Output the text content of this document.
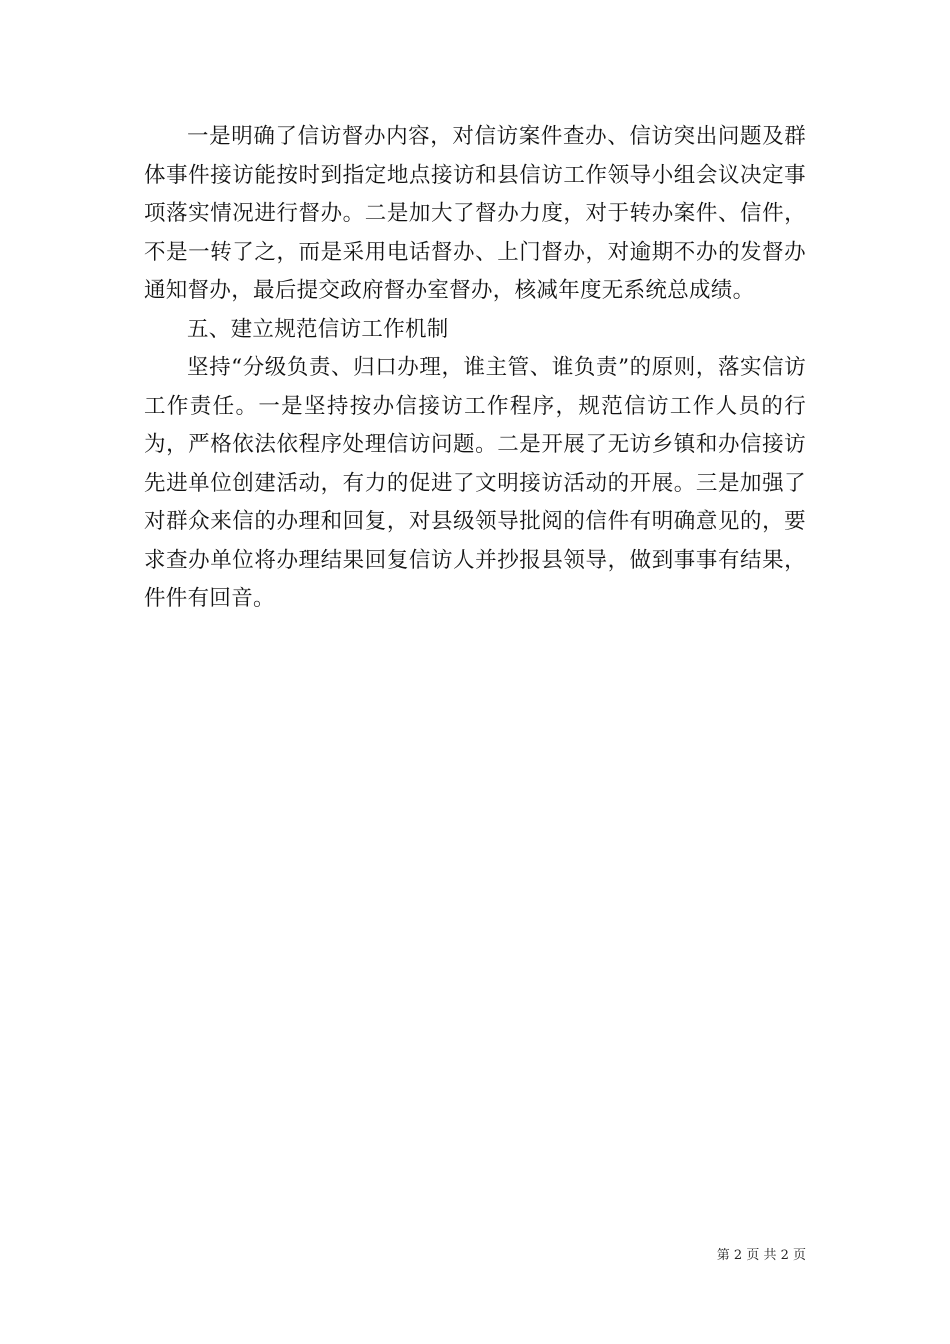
一是明确了信访督办内容，对信访案件查办、信访突出问题及群体事件接访能按时到指定地点接访和县信访工作领导小组会议决定事项落实情况进行督办。二是加大了督办力度，对于转办案件、信件，不是一转了之，而是采用电话督办、上门督办，对逾期不办的发督办通知督办，最后提交政府督办室督办，核减年度无系统总成绩。

五、建立规范信访工作机制

坚持“分级负责、归口办理，谁主管、谁负责”的原则，落实信访工作责任。一是坚持按办信接访工作程序，规范信访工作人员的行为，严格依法依程序处理信访问题。二是开展了无访乡镇和办信接访先进单位创建活动，有力的促进了文明接访活动的开展。三是加强了对群众来信的办理和回复，对县级领导批阅的信件有明确意见的，要求查办单位将办理结果回复信访人并抄报县领导，做到事事有结果，件件有回音。

第 2 页 共 2 页
